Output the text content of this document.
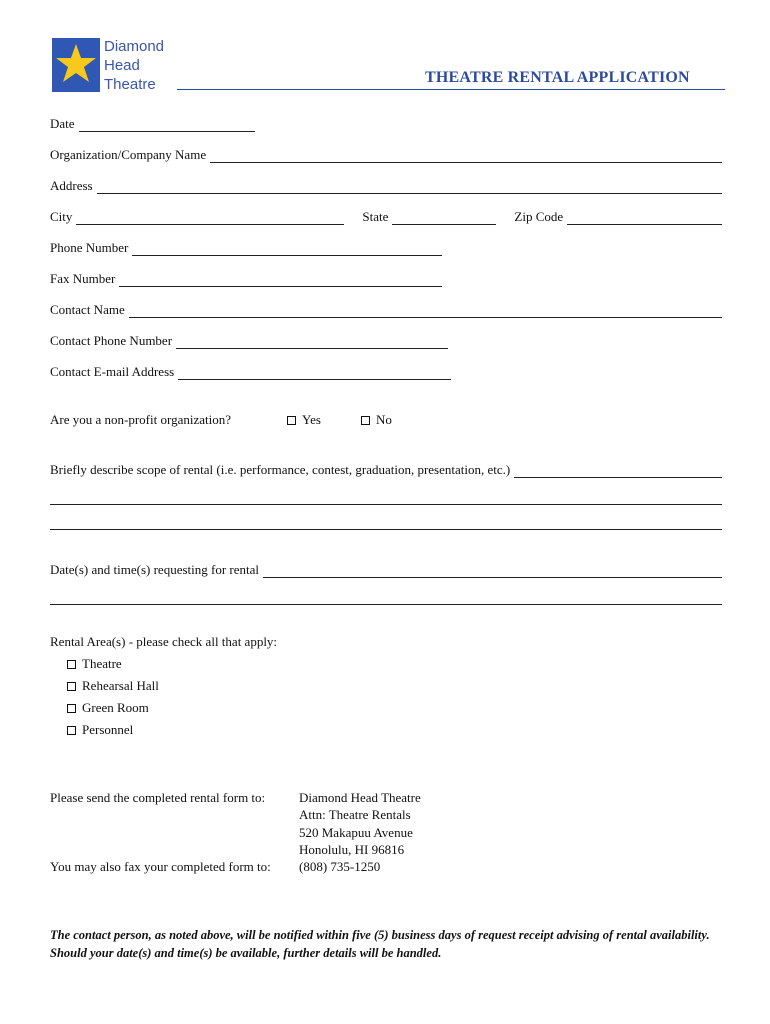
Diamond
Head
Theatre	THEATRE RENTAL APPLICATION
Date
Organization/Company Name
Address
City	State	Zip Code
Phone Number
Fax Number
Contact Name
Contact Phone Number
Contact E-mail Address
Are you a non-profit organization?	Yes	No
Briefly describe scope of rental (i.e. performance, contest, graduation, presentation, etc.)
Date(s) and time(s) requesting for rental
Rental Area(s) - please check all that apply:
Theatre
Rehearsal Hall
Green Room
Personnel
Please send the completed rental form to:	Diamond Head Theatre
Attn: Theatre Rentals
520 Makapuu Avenue
Honolulu, HI 96816
You may also fax your completed form to: (808) 735-1250
The contact person, as noted above, will be notified within five (5) business days of request receipt advising of rental availability. Should your date(s) and time(s) be available, further details will be handled.
